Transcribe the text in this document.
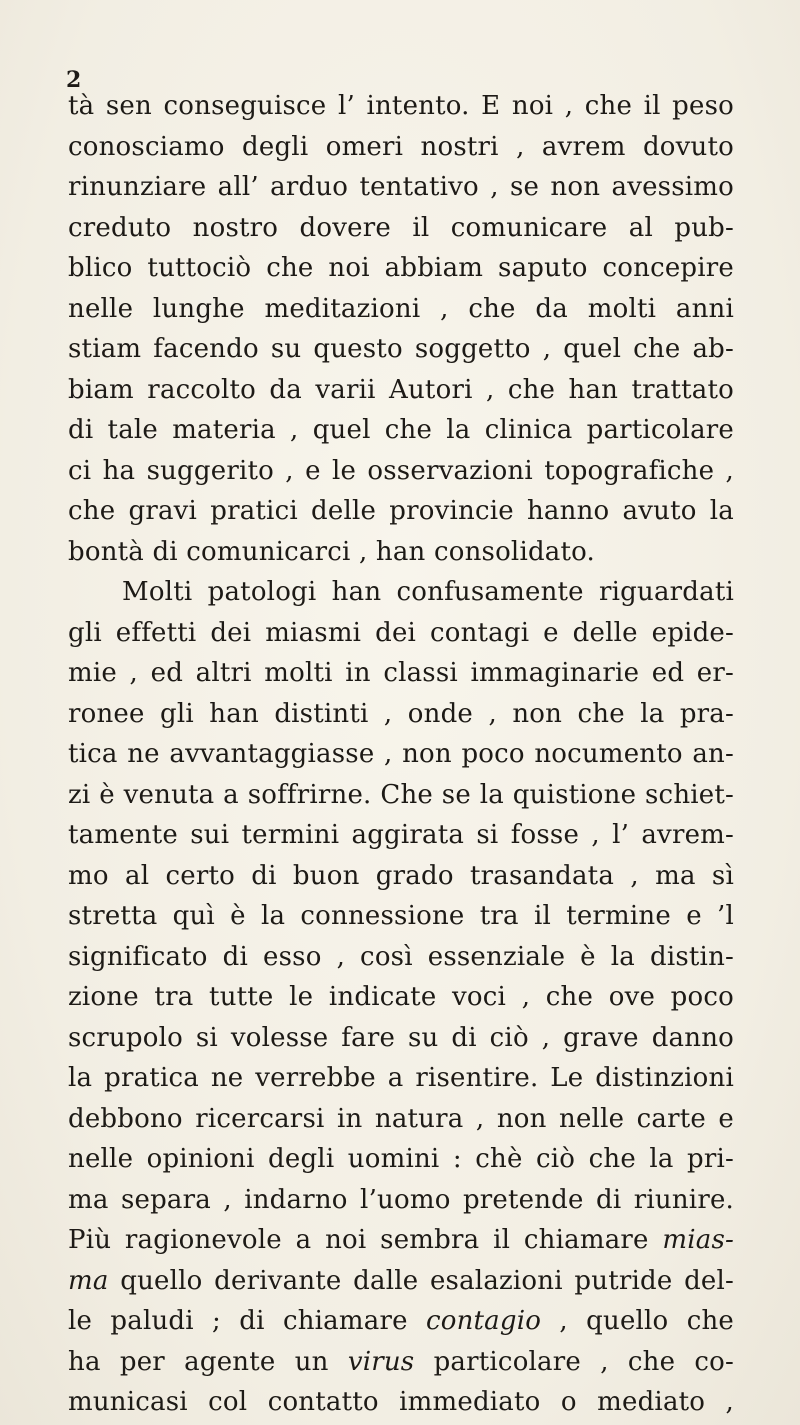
2
tà sen conseguisce l’ intento. E noi , che il peso
conosciamo degli omeri nostri , avrem dovuto
rinunziare all’ arduo tentativo , se non avessimo
creduto nostro dovere il comunicare al pub-
blico tuttociò che noi abbiam saputo concepire
nelle lunghe meditazioni , che da molti anni
stiam facendo su questo soggetto , quel che ab-
biam raccolto da varii Autori , che han trattato
di tale materia , quel che la clinica particolare
ci ha suggerito , e le osservazioni topografiche ,
che gravi pratici delle provincie hanno avuto la
bontà di comunicarci , han consolidato.
Molti patologi han confusamente riguardati
gli effetti dei miasmi dei contagi e delle epide-
mie , ed altri molti in classi immaginarie ed er-
ronee gli han distinti , onde , non che la pra-
tica ne avvantaggiasse , non poco nocumento an-
zi è venuta a soffrirne. Che se la quistione schiet-
tamente sui termini aggirata si fosse , l’ avrem-
mo al certo di buon grado trasandata , ma sì
stretta quì è la connessione tra il termine e ’l
significato di esso , così essenziale è la distin-
zione tra tutte le indicate voci , che ove poco
scrupolo si volesse fare su di ciò , grave danno
la pratica ne verrebbe a risentire. Le distinzioni
debbono ricercarsi in natura , non nelle carte e
nelle opinioni degli uomini : chè ciò che la pri-
ma separa , indarno l’uomo pretende di riunire.
Più ragionevole a noi sembra il chiamare mias-
ma quello derivante dalle esalazioni putride del-
le paludi ; di chiamare contagio , quello che
ha per agente un virus particolare , che co-
municasi col contatto immediato o mediato ,
